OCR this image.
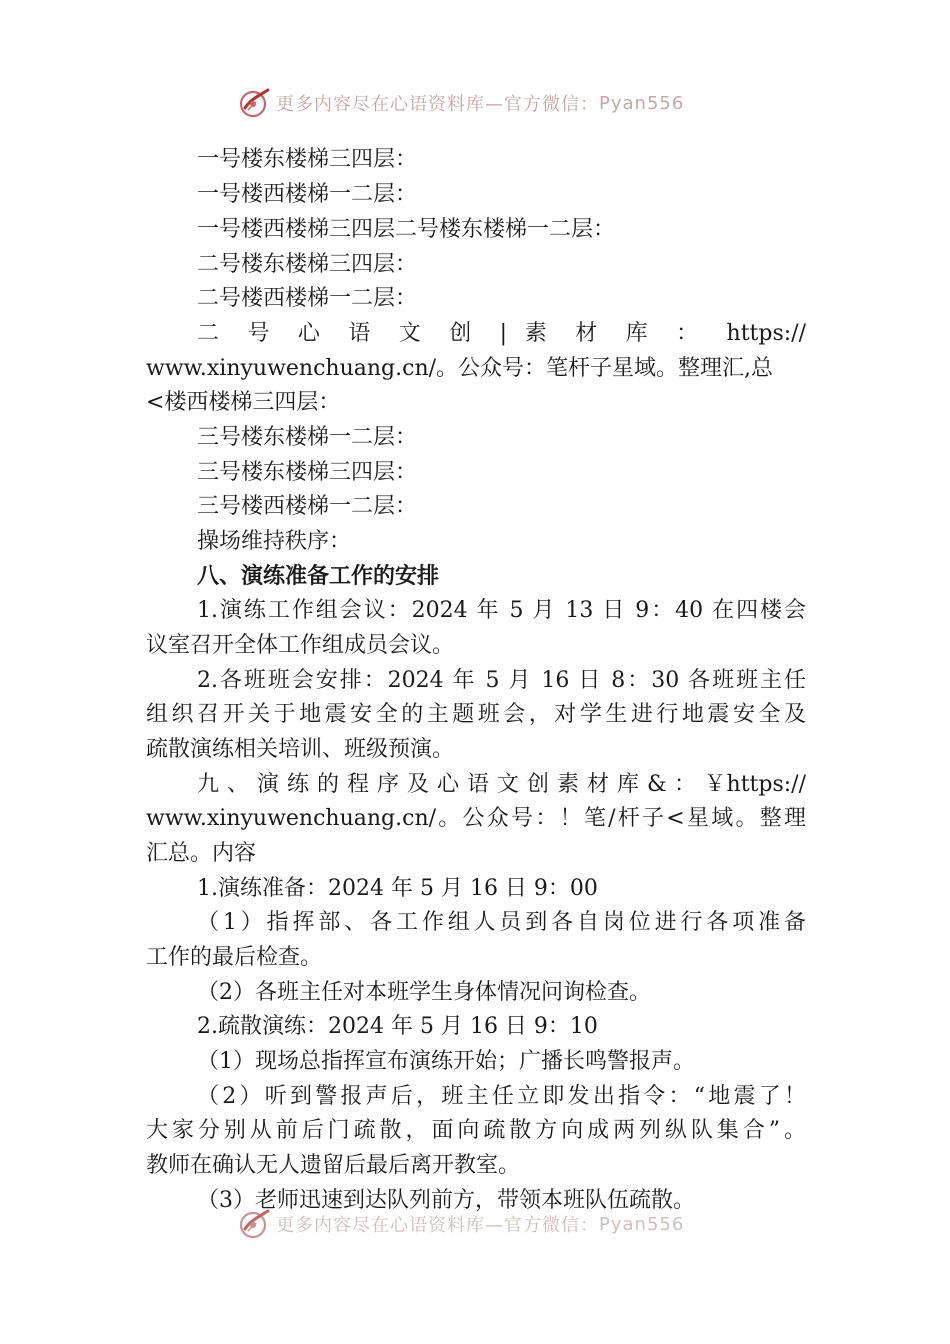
更多内容尽在心语资料库—官方微信： Pyan556
一号楼东楼梯三四层：
一号楼西楼梯一二层：
一号楼西楼梯三四层二号楼东楼梯一二层：
二号楼东楼梯三四层：
二号楼西楼梯一二层：
二 号 心 语 文 创 | 素 材 库 ： https://
www.xinyuwenchuang.cn/。公众号：笔杆子星域。整理汇,总
<楼西楼梯三四层：
三号楼东楼梯一二层：
三号楼东楼梯三四层：
三号楼西楼梯一二层：
操场维持秩序：
八、演练准备工作的安排
1.演练工作组会议：2024 年 5 月 13 日 9：40 在四楼会
议室召开全体工作组成员会议。
2.各班班会安排：2024 年 5 月 16 日 8：30 各班班主任
组织召开关于地震安全的主题班会，对学生进行地震安全及
疏散演练相关培训、班级预演。
九 、 演 练 的 程 序 及 心 语 文 创 素 材 库 & ： ￥https://
www.xinyuwenchuang.cn/。公众号：！笔/杆子<星域。整理
汇总。内容
1.演练准备：2024 年 5 月 16 日 9：00
（1）指挥部、各工作组人员到各自岗位进行各项准备
工作的最后检查。
（2）各班主任对本班学生身体情况问询检查。
2.疏散演练：2024 年 5 月 16 日 9：10
（1）现场总指挥宣布演练开始；广播长鸣警报声。
（2）听到警报声后，班主任立即发出指令：“地震了！
大家分别从前后门疏散，面向疏散方向成两列纵队集合”。
教师在确认无人遗留后最后离开教室。
（3）老师迅速到达队列前方，带领本班队伍疏散。
更多内容尽在心语资料库—官方微信： Pyan556
